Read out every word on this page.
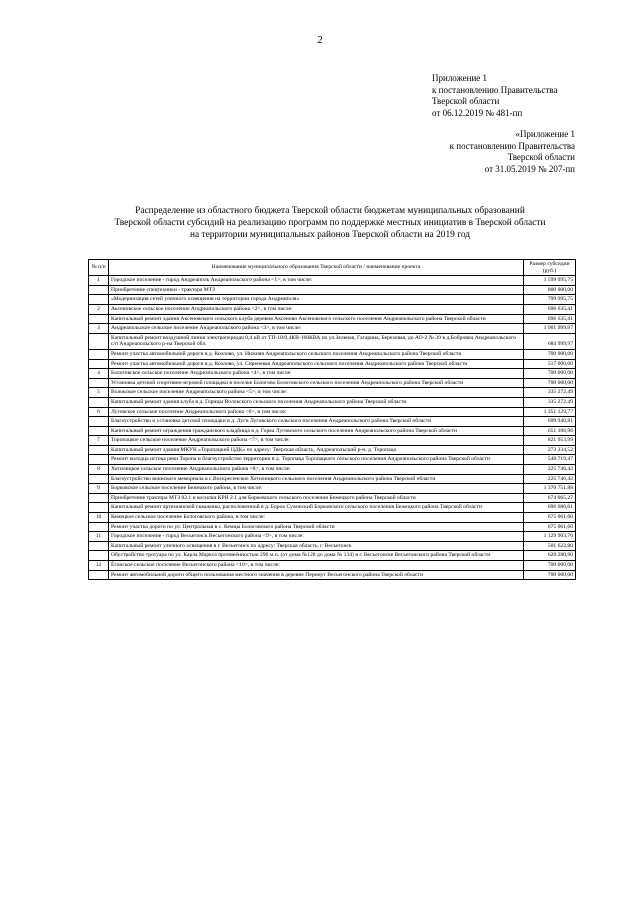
2
Приложение 1
к постановлению Правительства
Тверской области
от 06.12.2019 № 481-пп
«Приложение 1
к постановлению Правительства
Тверской области
от 31.05.2019 № 207-пп
Распределение из областного бюджета Тверской области бюджетам муниципальных образований
Тверской области субсидий на реализацию программ по поддержке местных инициатив в Тверской области
на территории муниципальных районов Тверской области на 2019 год
№ п/п	Наименование муниципального образования Тверской области / наименование проекта	Размер субсидии (руб.)
1	Городское поселение - город Андреаполь Андреапольского района <1>, в том числе:	1 599 995,75
	Приобретение спецтехники - трактора МТЗ	800 000,00
	«Модернизация сетей уличного освещения на территории города Андреаполя»	799 995,75
2	Аксеновское сельское поселение Андреапольского района <2>, в том числе:	696 635,41
	Капитальный ремонт здания Аксеновского сельского клуба деревня Аксеново Аксеновского сельского поселения Андреапольского района Тверской области	696 635,41
3	Андреапольское сельское поселение Андреапольского района <3>, в том числе:	1 901 999,97
	Капитальный ремонт воздушной линии электропередач 0,4 кВ от ТП-10/0,4КВ-160КВА по ул.Зеленая, Гагарина, Березовая, до АО-2 № 39 в д.Бобровец Андреапольского с/п Андреапольского р-на Тверской обл.	684 999,97
	Ремонт участка автомобильной дороги в д. Козлово, ул. Нижняя Андреапольского сельского поселения Андреапольского района Тверской области	700 000,00
	Ремонт участка автомобильной дороги в д. Козлово, ул. Сиреневая Андреапольского сельского поселения Андреапольского района Тверской области	517 000,00
4	Бологовское сельское поселение Андреапольского района <4>, в том числе:	700 000,00
	Установка детской спортивно-игровой площадки в поселке Бологово Бологовского сельского поселения Андреапольского района Тверской области	700 000,00
5	Волокское сельское поселение Андреапольского района <5>, в том числе:	335 272,49
	Капитальный ремонт здания клуба в д. Горицы Волокского сельского поселения Андреапольского района Тверской области	335 272,49
6	Луговское сельское поселение Андреапольского района <6>, в том числе:	1 351 129,77
	Благоустройство и установка детской площадки в д. Луги Луговского сельского поселения Андреапольского района Тверской области	699 940,81
	Капитальный ремонт ограждения гражданского кладбища в д. Горка Луговского сельского поселения Андреапольского района Тверской области	651 188,96
7	Торопацкое сельское поселение Андреапольского района <7>, в том числе:	821 953,99
	Капитальный ремонт здания МКУК «Торопацкий ЦДК» по адресу: Тверская область, Андреапольский р-н, д. Торопаца	273 234,52
	Ремонт колодца истока реки Торопа и благоустройство территории в д. Торопаца Торопацкого сельского поселения Андреапольского района Тверской области	548 719,47
8	Хотилицкое сельское поселение Андреапольского района <8>, в том числе:	225 746,42
	Благоустройство воинского мемориала в с.Воскресенское Хотилицкого сельского поселения Андреапольского района Тверской области	225 746,42
9	Борковское сельское поселение Бежецкого района, в том числе:	1 370 751,88
	Приобретение трактора МТЗ 82.1 и косилки КРН 2.1 для Борковского сельского поселения Бежецкого района Тверской области	674 065,27
	Капитальный ремонт артезианской скважины, расположенной в д. Борок Сулежский Борковского сельского поселения Бежецкого района Тверской области	696 686,61
10	Кемецкое сельское поселение Бологовского района, в том числе:	675 061,60
	Ремонт участка дороги по ул. Центральная в с. Кемцы Бологовского района Тверской области	675 061,60
11	Городское поселение - город Весьегонск Весьегонского района <9>, в том числе:	1 129 903,70
	Капитальный ремонт уличного освещения в г. Весьегонск по адресу: Тверская область, г. Весьегонск	501 622,80
	Обустройство тротуара по ул. Карла Маркса протяжённостью 290 м.п. (от дома №128 до дома № 134) в г. Весьегонске Весьегонского района Тверской области	628 280,90
12	Ёгонское сельское поселение Весьегонского района <10>, в том числе:	700 000,00
	Ремонт автомобильной дороги общего пользования местного значения в деревне Перемут Весьегонского района Тверской области	700 000,00
